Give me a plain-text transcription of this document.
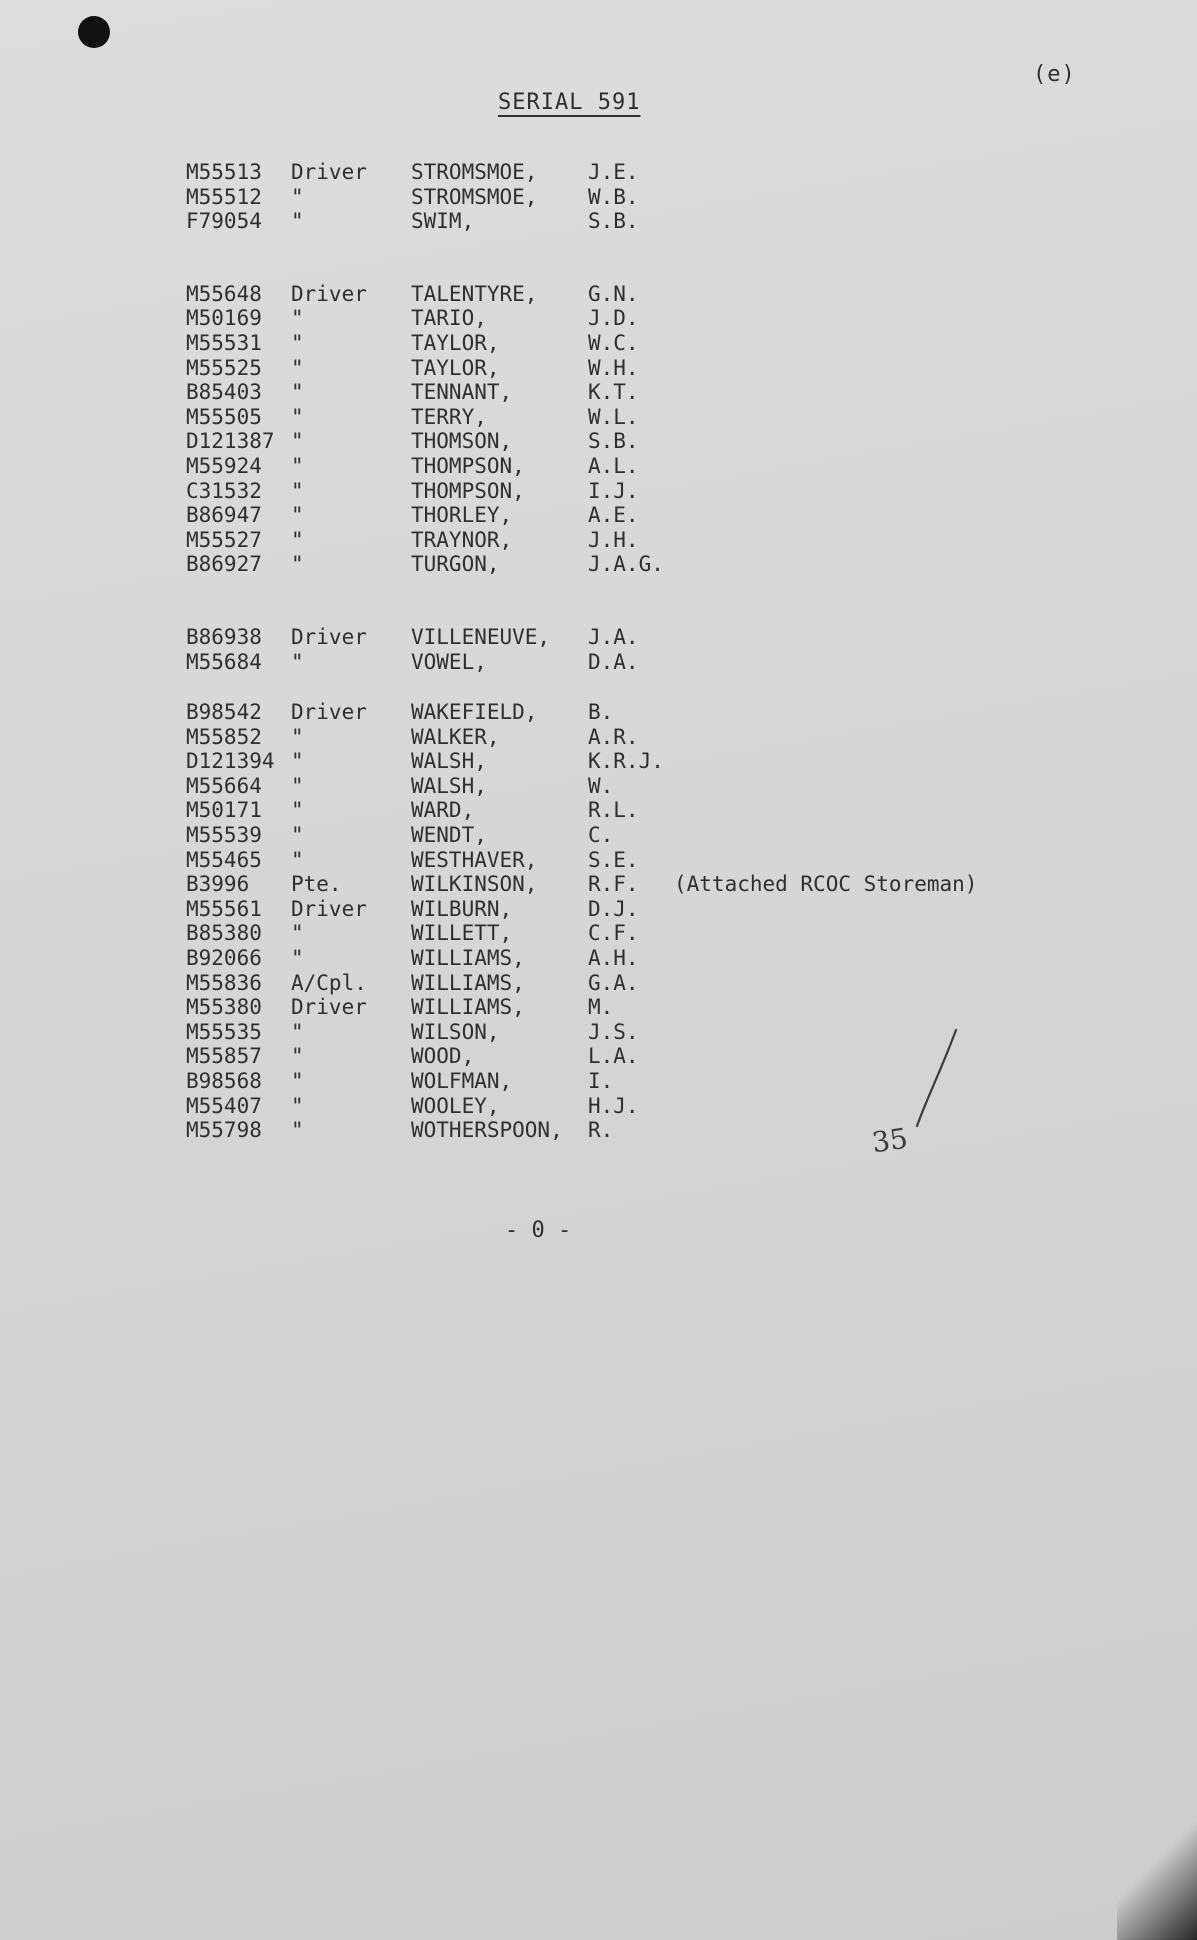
(e)
SERIAL 591
M55513 Driver STROMSMOE, J.E.
M55512 "	STROMSMOE, W.B.
F79054 "	SWIM,	S.B.
M55648 Driver TALENTYRE, G.N.
M50169 "	TARIO,	J.D.
M55531 "	TAYLOR,	W.C.
M55525 "	TAYLOR,	W.H.
B85403 "	TENNANT,	K.T.
M55505 "	TERRY,	W.L.
D121387 "	THOMSON,	S.B.
M55924 "	THOMPSON,	A.L.
C31532 "	THOMPSON,	I.J.
B86947 "	THORLEY,	A.E.
M55527 "	TRAYNOR,	J.H.
B86927 "	TURGON,	J.A.G.
B86938 Driver VILLENEUVE, J.A.
M55684 "	VOWEL,	D.A.
B98542 Driver WAKEFIELD, B.
M55852 "	WALKER,	A.R.
D121394 "	WALSH,	K.R.J.
M55664 "	WALSH,	W.
M50171 "	WARD,	R.L.
M55539 "	WENDT,	C.
M55465 "	WESTHAVER, S.E.
B3996 Pte.	WILKINSON, R.F. (Attached RCOC Storeman)
M55561 Driver WILBURN,	D.J.
B85380 "	WILLETT,	C.F.
B92066 "	WILLIAMS,	A.H.
M55836 A/Cpl. WILLIAMS,	G.A.
M55380 Driver WILLIAMS,	M.
M55535 "	WILSON,	J.S.
M55857 "	WOOD,	L.A.
B98568 "	WOLFMAN,	I.
M55407 "	WOOLEY,	H.J.
M55798 "	WOTHERSPOON, R.
- 0 -
35
